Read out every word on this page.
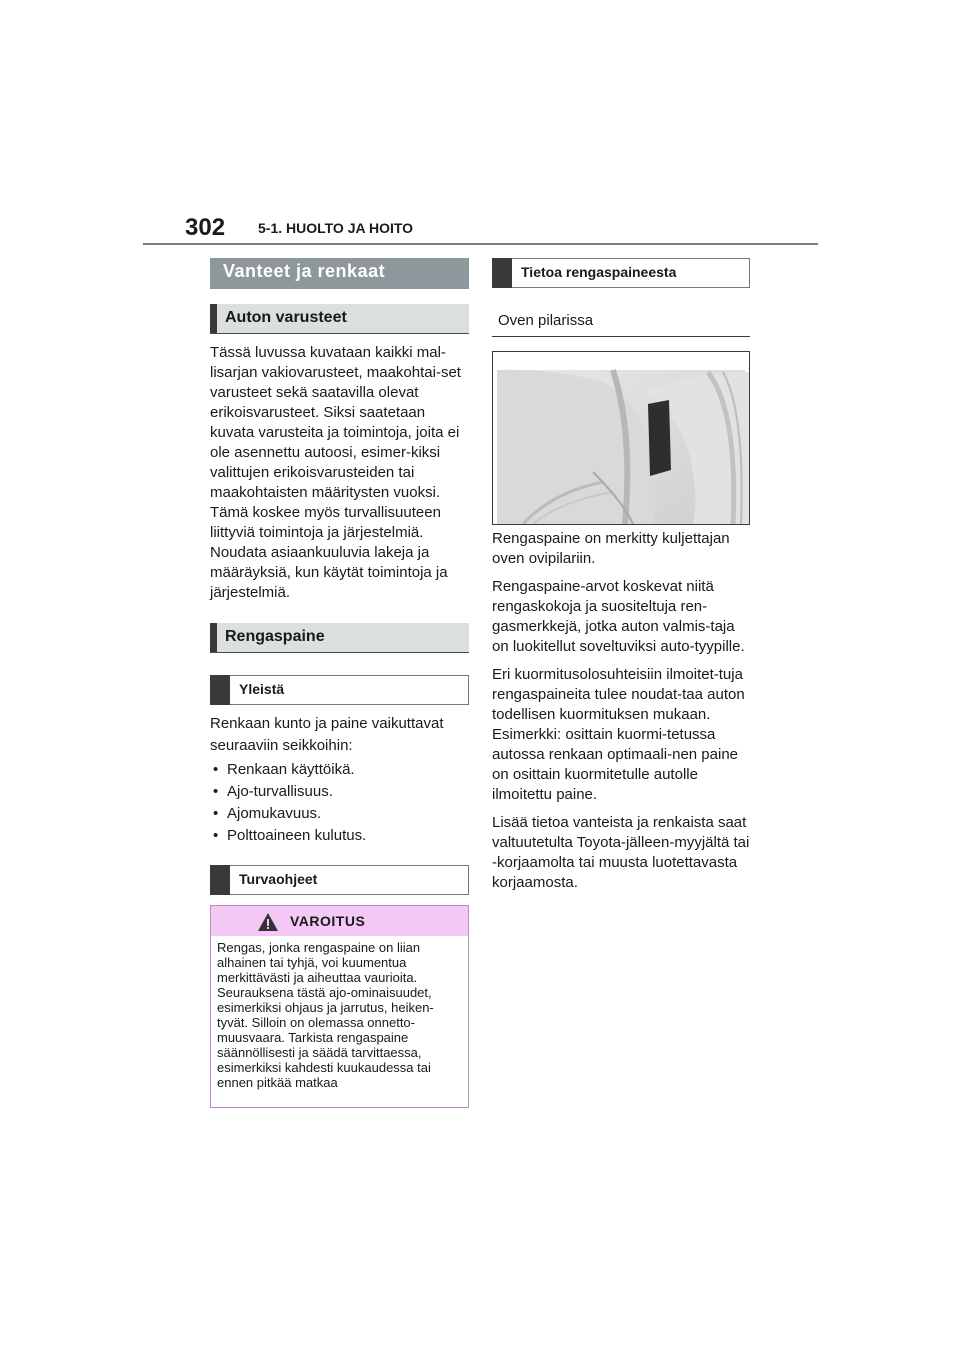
302 5-1. HUOLTO JA HOITO
Vanteet ja renkaat
Auton varusteet

Tässä luvussa kuvataan kaikki mal-lisarjan vakiovarusteet, maakohtai-set varusteet sekä saatavilla olevat erikoisvarusteet. Siksi saatetaan kuvata varusteita ja toimintoja, joita ei ole asennettu autoosi, esimer-kiksi valittujen erikoisvarusteiden tai maakohtaisten määritysten vuoksi. Tämä koskee myös turvallisuuteen liittyviä toimintoja ja järjestelmiä. Noudata asiaankuuluvia lakeja ja määräyksiä, kun käytät toimintoja ja järjestelmiä.

Rengaspaine
Yleistä

Renkaan kunto ja paine vaikuttavat seuraaviin seikkoihin:

• Renkaan käyttöikä.
• Ajo-turvallisuus.
• Ajomukavuus.
• Polttoaineen kulutus.
Turvaohjeet
VAROITUS
Rengas, jonka rengaspaine on liian alhainen tai tyhjä, voi kuumentua merkittävästi ja aiheuttaa vaurioita. Seurauksena tästä ajo-ominaisuudet, esimerkiksi ohjaus ja jarrutus, heiken-tyvät. Silloin on olemassa onnetto-muusvaara. Tarkista rengaspaine säännöllisesti ja säädä tarvittaessa, esimerkiksi kahdesti kuukaudessa tai ennen pitkää matkaa
Tietoa rengaspaineesta
Oven pilarissa

Rengaspaine on merkitty kuljettajan oven ovipilariin.

Rengaspaine-arvot koskevat niitä rengaskokoja ja suositeltuja ren-gasmerkkejä, jotka auton valmis-taja on luokitellut soveltuviksi auto-tyypille.

Eri kuormitusolosuhteisiin ilmoitet-tuja rengaspaineita tulee noudat-taa auton todellisen kuormituksen mukaan. Esimerkki: osittain kuormi-tetussa autossa renkaan optimaali-nen paine on osittain kuormitetulle autolle ilmoitettu paine.

Lisää tietoa vanteista ja renkaista saat valtuutetulta Toyota-jälleen-myyjältä tai -korjaamolta tai muusta luotettavasta korjaamosta.
